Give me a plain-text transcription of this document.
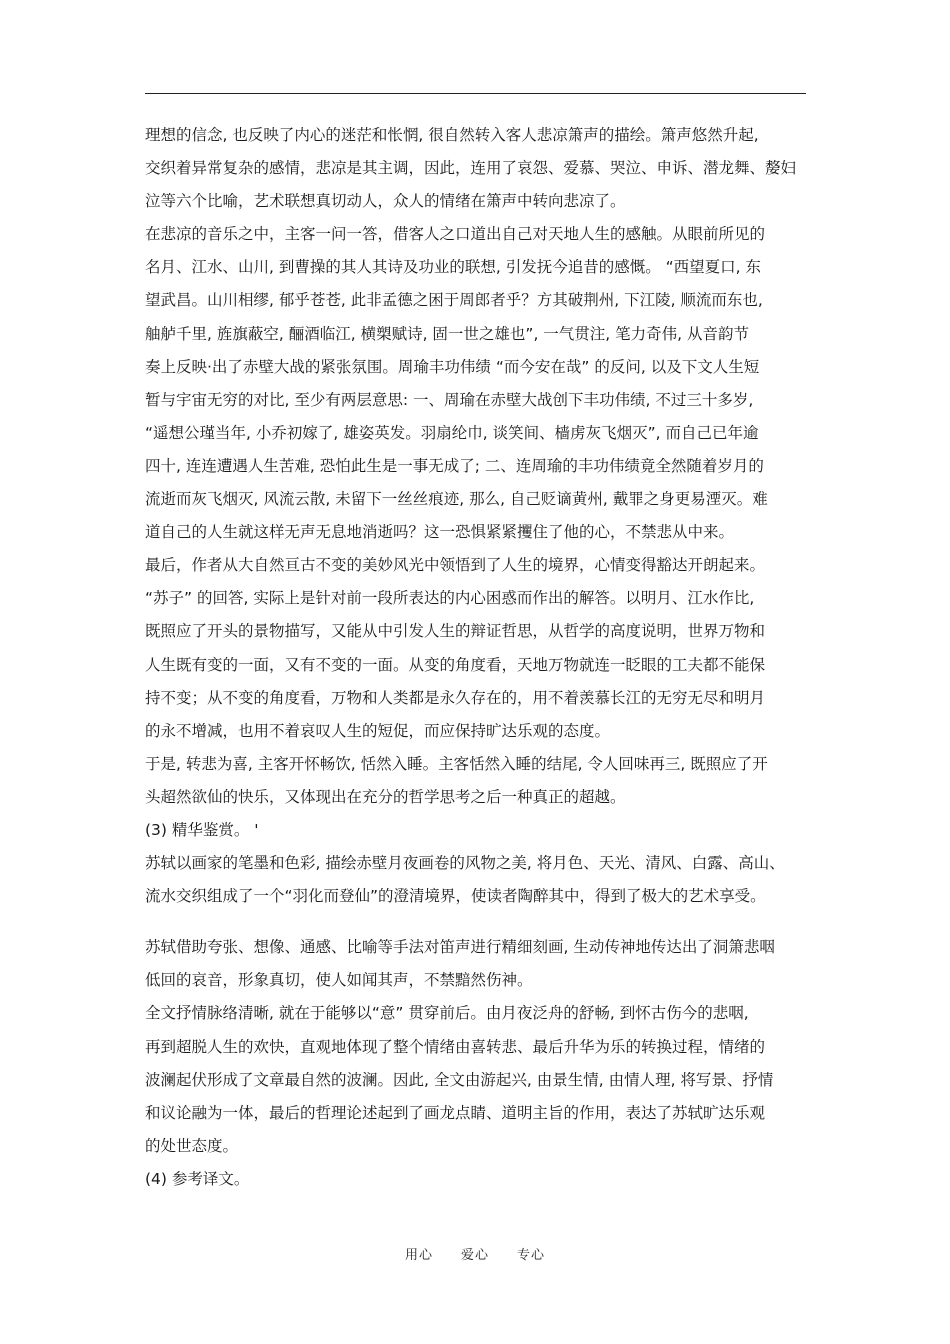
理想的信念, 也反映了内心的迷茫和怅惘, 很自然转入客人悲凉箫声的描绘。箫声悠然升起,
交织着异常复杂的感情，悲凉是其主调，因此，连用了哀怨、爱慕、哭泣、申诉、潜龙舞、嫠妇
泣等六个比喻，艺术联想真切动人，众人的情绪在箫声中转向悲凉了。
在悲凉的音乐之中，主客一问一答，借客人之口道出自己对天地人生的感触。从眼前所见的
名月、江水、山川, 到曹操的其人其诗及功业的联想, 引发抚今追昔的感慨。 “西望夏口, 东
望武昌。山川相缪, 郁乎苍苍, 此非孟德之困于周郎者乎？方其破荆州, 下江陵, 顺流而东也,
舳舻千里, 旌旗蔽空, 酾酒临江, 横槊赋诗, 固一世之雄也”, 一气贯注, 笔力奇伟, 从音韵节
奏上反映·出了赤壁大战的紧张氛围。周瑜丰功伟绩 “而今安在哉” 的反问, 以及下文人生短
暂与宇宙无穷的对比, 至少有两层意思: 一、周瑜在赤壁大战创下丰功伟绩, 不过三十多岁,
“遥想公瑾当年, 小乔初嫁了, 雄姿英发。羽扇纶巾, 谈笑间、樯虏灰飞烟灭”, 而自己已年逾
四十, 连连遭遇人生苦难, 恐怕此生是一事无成了; 二、连周瑜的丰功伟绩竟全然随着岁月的
流逝而灰飞烟灭, 风流云散, 未留下一丝丝痕迹, 那么, 自己贬谪黄州, 戴罪之身更易湮灭。难
道自己的人生就这样无声无息地消逝吗？这一恐惧紧紧攫住了他的心，不禁悲从中来。
最后，作者从大自然亘古不变的美妙风光中领悟到了人生的境界，心情变得豁达开朗起来。
“苏子” 的回答, 实际上是针对前一段所表达的内心困惑而作出的解答。以明月、江水作比,
既照应了开头的景物描写，又能从中引发人生的辩证哲思，从哲学的高度说明，世界万物和
人生既有变的一面，又有不变的一面。从变的角度看，天地万物就连一眨眼的工夫都不能保
持不变；从不变的角度看，万物和人类都是永久存在的，用不着羡慕长江的无穷无尽和明月
的永不增减，也用不着哀叹人生的短促，而应保持旷达乐观的态度。
于是, 转悲为喜, 主客开怀畅饮, 恬然入睡。主客恬然入睡的结尾, 令人回味再三, 既照应了开
头超然欲仙的快乐，又体现出在充分的哲学思考之后一种真正的超越。
(3) 精华鉴赏。 '
苏轼以画家的笔墨和色彩, 描绘赤壁月夜画卷的风物之美, 将月色、天光、清风、白露、高山、
流水交织组成了一个“羽化而登仙”的澄清境界，使读者陶醉其中，得到了极大的艺术享受。
苏轼借助夸张、想像、通感、比喻等手法对笛声进行精细刻画, 生动传神地传达出了洞箫悲咽
低回的哀音，形象真切，使人如闻其声，不禁黯然伤神。
全文抒情脉络清晰, 就在于能够以“意” 贯穿前后。由月夜泛舟的舒畅, 到怀古伤今的悲咽,
再到超脱人生的欢快，直观地体现了整个情绪由喜转悲、最后升华为乐的转换过程，情绪的
波澜起伏形成了文章最自然的波澜。因此, 全文由游起兴, 由景生情, 由情人理, 将写景、抒情
和议论融为一体，最后的哲理论述起到了画龙点睛、道明主旨的作用，表达了苏轼旷达乐观
的处世态度。
(4) 参考译文。
用心 爱心 专心
